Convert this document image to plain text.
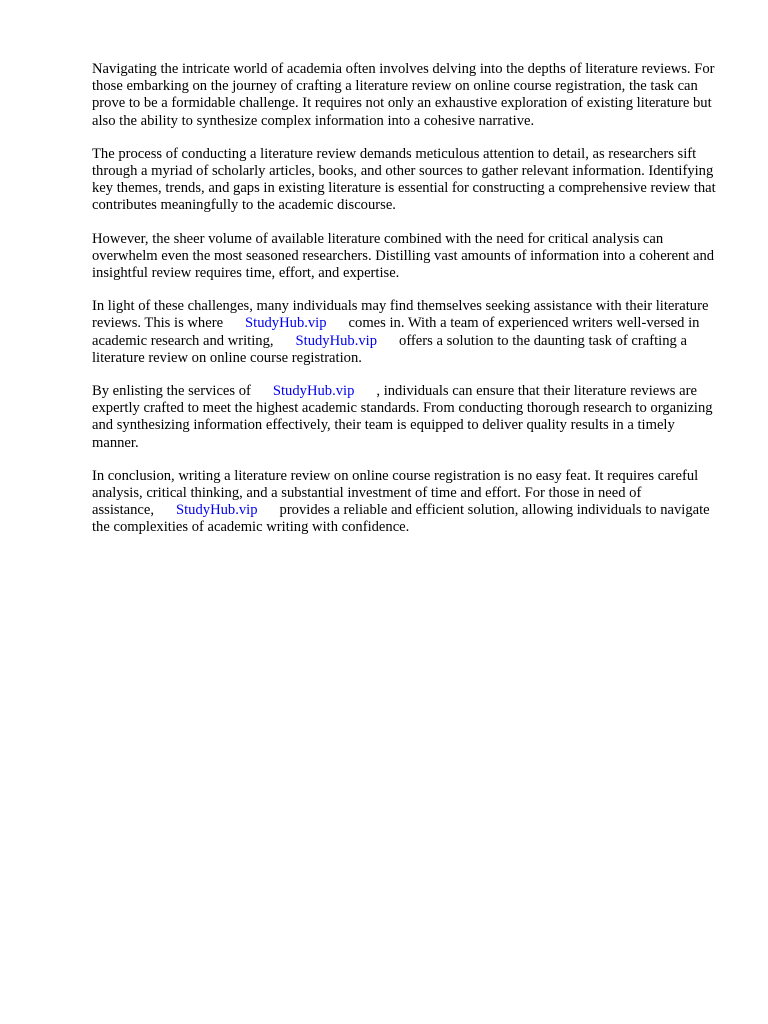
Navigating the intricate world of academia often involves delving into the depths of literature reviews. For those embarking on the journey of crafting a literature review on online course registration, the task can prove to be a formidable challenge. It requires not only an exhaustive exploration of existing literature but also the ability to synthesize complex information into a cohesive narrative.

The process of conducting a literature review demands meticulous attention to detail, as researchers sift through a myriad of scholarly articles, books, and other sources to gather relevant information. Identifying key themes, trends, and gaps in existing literature is essential for constructing a comprehensive review that contributes meaningfully to the academic discourse.

However, the sheer volume of available literature combined with the need for critical analysis can overwhelm even the most seasoned researchers. Distilling vast amounts of information into a coherent and insightful review requires time, effort, and expertise.

In light of these challenges, many individuals may find themselves seeking assistance with their literature reviews. This is where StudyHub.vip comes in. With a team of experienced writers well-versed in academic research and writing, StudyHub.vip offers a solution to the daunting task of crafting a literature review on online course registration.

By enlisting the services of StudyHub.vip , individuals can ensure that their literature reviews are expertly crafted to meet the highest academic standards. From conducting thorough research to organizing and synthesizing information effectively, their team is equipped to deliver quality results in a timely manner.

In conclusion, writing a literature review on online course registration is no easy feat. It requires careful analysis, critical thinking, and a substantial investment of time and effort. For those in need of assistance, StudyHub.vip provides a reliable and efficient solution, allowing individuals to navigate the complexities of academic writing with confidence.
